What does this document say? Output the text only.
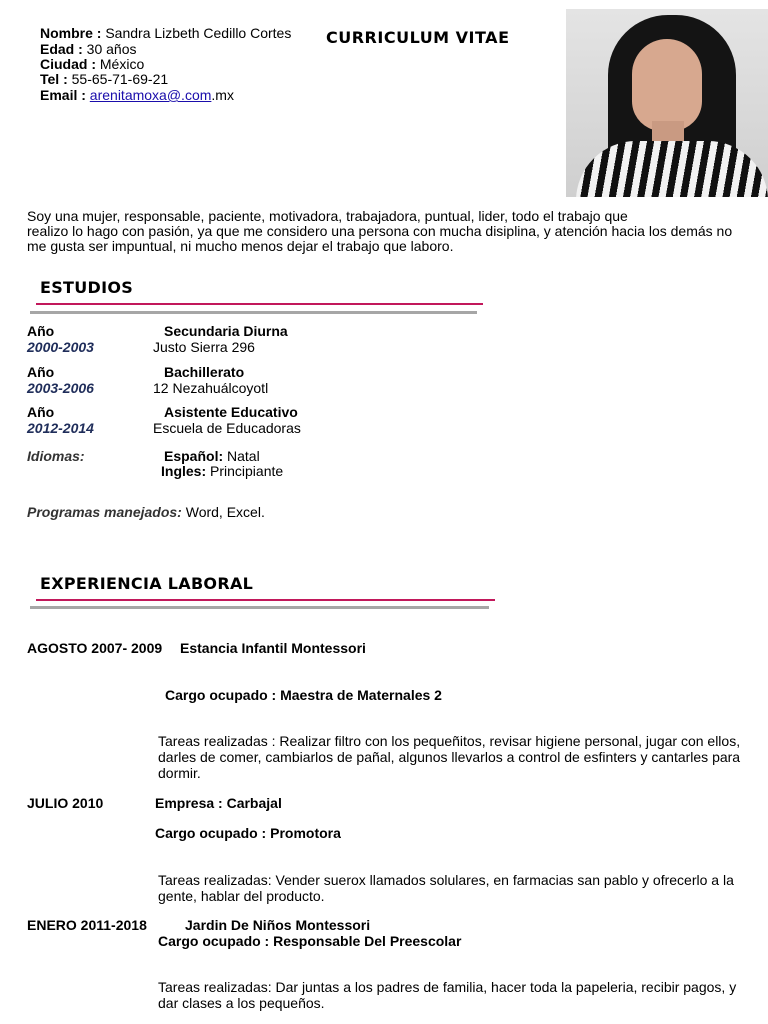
Nombre : Sandra Lizbeth Cedillo Cortes
Edad : 30 años
Ciudad : México
Tel : 55-65-71-69-21
Email : arenitamoxa@.com.mx
CURRICULUM VITAE
Soy una mujer, responsable, paciente, motivadora, trabajadora, puntual, lider, todo el trabajo que
realizo lo hago con pasión, ya que me considero una persona con mucha disiplina, y atención hacia los demás no
me gusta ser impuntual, ni mucho menos dejar el trabajo que laboro.
ESTUDIOS
Año	Secundaria Diurna
2000-2003	Justo Sierra 296
Año	Bachillerato
2003-2006	12 Nezahuálcoyotl
Año	Asistente Educativo
2012-2014	Escuela de Educadoras
Idiomas:	Español: Natal
Ingles: Principiante
Programas manejados: Word, Excel.
EXPERIENCIA LABORAL
AGOSTO 2007- 2009 Estancia Infantil Montessori
Cargo ocupado : Maestra de Maternales 2
Tareas realizadas : Realizar filtro con los pequeñitos, revisar higiene personal, jugar con ellos, darles de comer, cambiarlos de pañal, algunos llevarlos a control de esfinters y cantarles para dormir.
JULIO 2010	Empresa : Carbajal
Cargo ocupado : Promotora
Tareas realizadas: Vender suerox llamados solulares, en farmacias san pablo y ofrecerlo a la gente, hablar del producto.
ENERO 2011-2018	Jardin De Niños Montessori
Cargo ocupado : Responsable Del Preescolar
Tareas realizadas: Dar juntas a los padres de familia, hacer toda la papeleria, recibir pagos, y dar clases a los pequeños.
